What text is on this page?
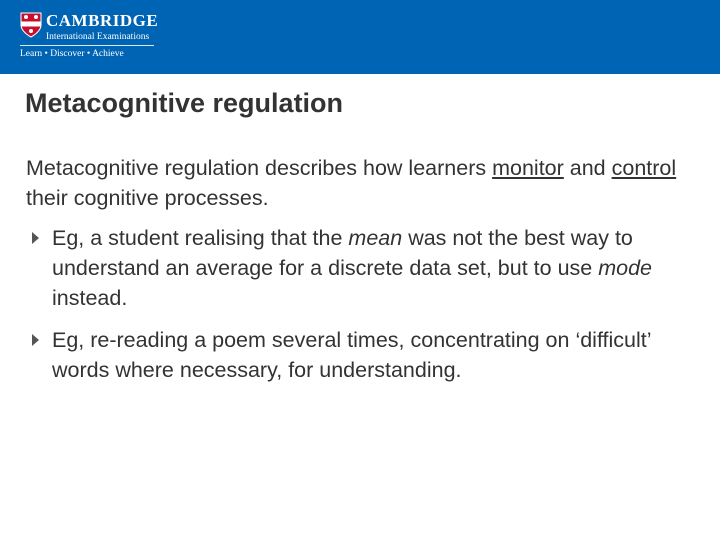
CAMBRIDGE
International Examinations
Learn • Discover • Achieve
Metacognitive regulation

Metacognitive regulation describes how learners monitor and control their cognitive processes.

Eg, a student realising that the mean was not the best way to understand an average for a discrete data set, but to use mode instead.
Eg, re-reading a poem several times, concentrating on ‘difficult’ words where necessary, for understanding.
